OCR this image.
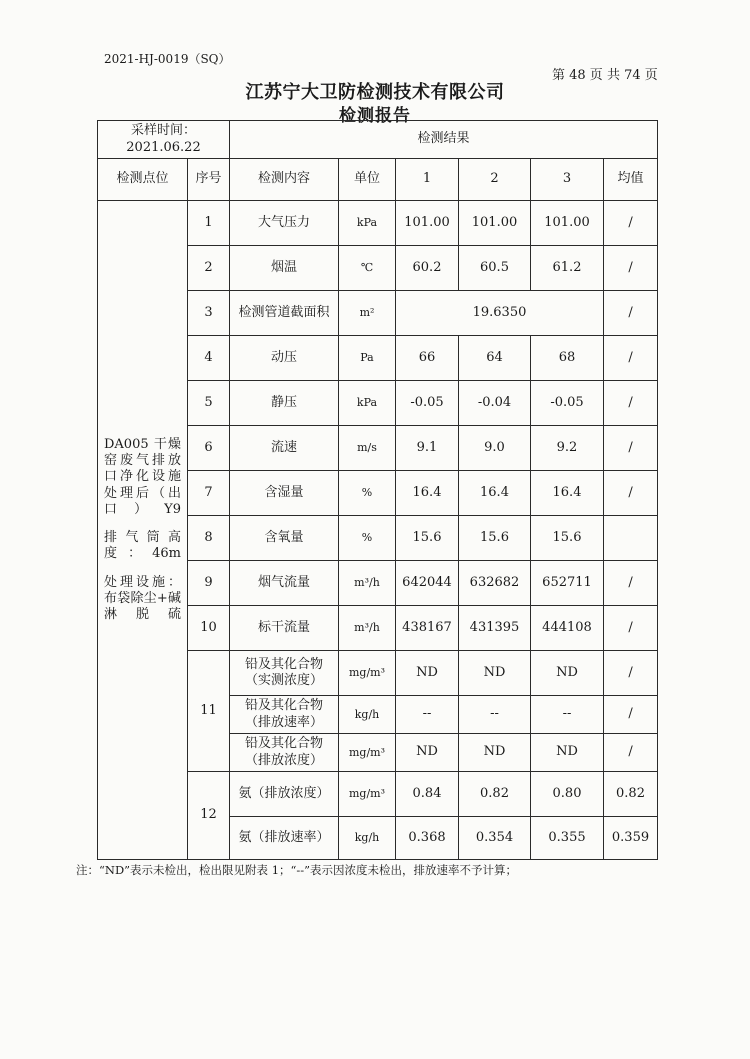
2021-HJ-0019（SQ）
第 48 页 共 74 页
江苏宁大卫防检测技术有限公司
检测报告
采样时间：
2021.06.22		检测结果					
检测点位	序号	检测内容	单位	1	2	3	均值

DA005 干燥窑废气排放口净化设施处理后（出口）Y9
排气筒高度：46m
处理设施：布袋除尘+碱淋脱硫	1	大气压力	kPa	101.00	101.00	101.00	/
	2	烟温	℃	60.2	60.5	61.2	/
	3	检测管道截面积	m²	19.6350			/
	4	动压	Pa	66	64	68	/
	5	静压	kPa	-0.05	-0.04	-0.05	/
	6	流速	m/s	9.1	9.0	9.2	/
	7	含湿量	%	16.4	16.4	16.4	/
	8	含氧量	%	15.6	15.6	15.6	
	9	烟气流量	m³/h	642044	632682	652711	/
	10	标干流量	m³/h	438167	431395	444108	/
	11	铅及其化合物
（实测浓度）	mg/m³	ND	ND	ND	/

		铅及其化合物
（排放速率）	kg/h	--	--	--	/

		铅及其化合物
（排放浓度）	mg/m³	ND	ND	ND	/
	12	氨（排放浓度）	mg/m³	0.84	0.82	0.80	0.82
		氨（排放速率）	kg/h	0.368	0.354	0.355	0.359
注：“ND”表示未检出，检出限见附表 1；“--”表示因浓度未检出，排放速率不予计算；
